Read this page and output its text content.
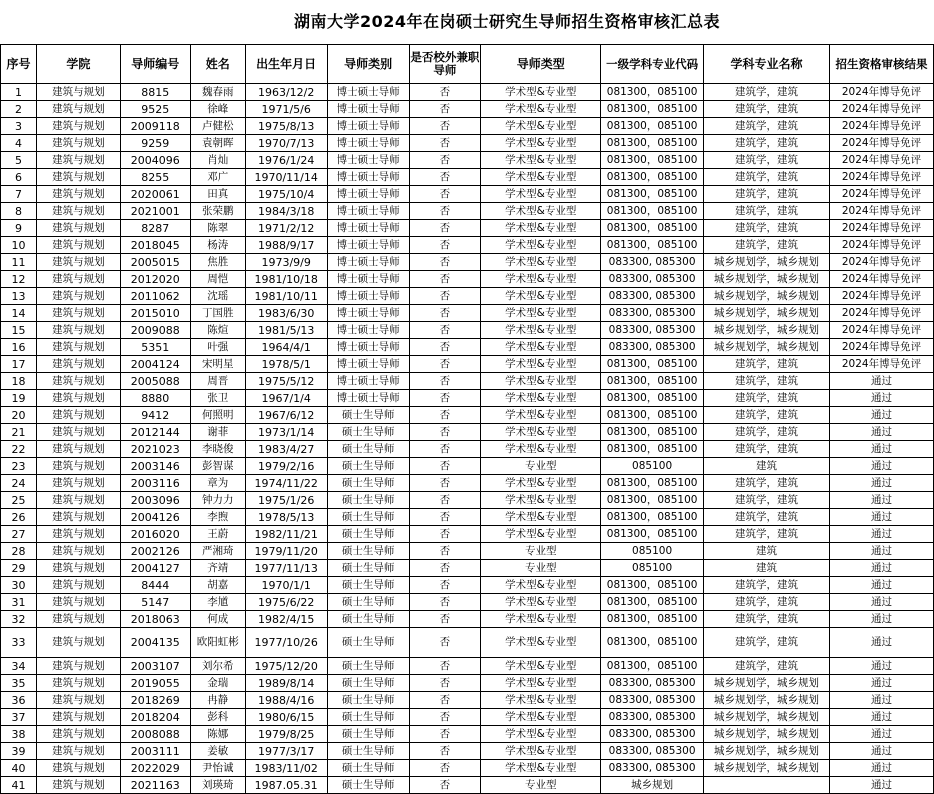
湖南大学2024年在岗硕士研究生导师招生资格审核汇总表
序号	学院	导师编号	姓名	出生年月日	导师类别	是否校外兼职导师	导师类型	一级学科专业代码	学科专业名称	招生资格审核结果
1	建筑与规划	8815	魏春雨	1963/12/2	博士硕士导师	否	学术型&专业型	081300，085100	建筑学，建筑	2024年博导免评
2	建筑与规划	9525	徐峰	1971/5/6	博士硕士导师	否	学术型&专业型	081300，085100	建筑学，建筑	2024年博导免评
3	建筑与规划	2009118	卢健松	1975/8/13	博士硕士导师	否	学术型&专业型	081300，085100	建筑学，建筑	2024年博导免评
4	建筑与规划	9259	袁朝晖	1970/7/13	博士硕士导师	否	学术型&专业型	081300，085100	建筑学，建筑	2024年博导免评
5	建筑与规划	2004096	肖灿	1976/1/24	博士硕士导师	否	学术型&专业型	081300，085100	建筑学，建筑	2024年博导免评
6	建筑与规划	8255	邓广	1970/11/14	博士硕士导师	否	学术型&专业型	081300，085100	建筑学，建筑	2024年博导免评
7	建筑与规划	2020061	田真	1975/10/4	博士硕士导师	否	学术型&专业型	081300，085100	建筑学，建筑	2024年博导免评
8	建筑与规划	2021001	张荣鹏	1984/3/18	博士硕士导师	否	学术型&专业型	081300，085100	建筑学，建筑	2024年博导免评
9	建筑与规划	8287	陈翠	1971/2/12	博士硕士导师	否	学术型&专业型	081300，085100	建筑学，建筑	2024年博导免评
10	建筑与规划	2018045	杨涛	1988/9/17	博士硕士导师	否	学术型&专业型	081300，085100	建筑学，建筑	2024年博导免评
11	建筑与规划	2005015	焦胜	1973/9/9	博士硕士导师	否	学术型&专业型	083300, 085300	城乡规划学，城乡规划	2024年博导免评
12	建筑与规划	2012020	周恺	1981/10/18	博士硕士导师	否	学术型&专业型	083300, 085300	城乡规划学，城乡规划	2024年博导免评
13	建筑与规划	2011062	沈瑶	1981/10/11	博士硕士导师	否	学术型&专业型	083300, 085300	城乡规划学，城乡规划	2024年博导免评
14	建筑与规划	2015010	丁国胜	1983/6/30	博士硕士导师	否	学术型&专业型	083300, 085300	城乡规划学，城乡规划	2024年博导免评
15	建筑与规划	2009088	陈煊	1981/5/13	博士硕士导师	否	学术型&专业型	083300, 085300	城乡规划学，城乡规划	2024年博导免评
16	建筑与规划	5351	叶强	1964/4/1	博士硕士导师	否	学术型&专业型	083300, 085300	城乡规划学，城乡规划	2024年博导免评
17	建筑与规划	2004124	宋明星	1978/5/1	博士硕士导师	否	学术型&专业型	081300，085100	建筑学，建筑	2024年博导免评
18	建筑与规划	2005088	周晋	1975/5/12	博士硕士导师	否	学术型&专业型	081300，085100	建筑学，建筑	通过
19	建筑与规划	8880	张卫	1967/1/4	博士硕士导师	否	学术型&专业型	081300，085100	建筑学，建筑	通过
20	建筑与规划	9412	何照明	1967/6/12	硕士生导师	否	学术型&专业型	081300，085100	建筑学，建筑	通过
21	建筑与规划	2012144	谢菲	1973/1/14	硕士生导师	否	学术型&专业型	081300，085100	建筑学，建筑	通过
22	建筑与规划	2021023	李晓俊	1983/4/27	硕士生导师	否	学术型&专业型	081300，085100	建筑学，建筑	通过
23	建筑与规划	2003146	彭智谋	1979/2/16	硕士生导师	否	专业型	085100	建筑	通过
24	建筑与规划	2003116	章为	1974/11/22	硕士生导师	否	学术型&专业型	081300，085100	建筑学，建筑	通过
25	建筑与规划	2003096	钟力力	1975/1/26	硕士生导师	否	学术型&专业型	081300，085100	建筑学，建筑	通过
26	建筑与规划	2004126	李煦	1978/5/13	硕士生导师	否	学术型&专业型	081300，085100	建筑学，建筑	通过
27	建筑与规划	2016020	王蔚	1982/11/21	硕士生导师	否	学术型&专业型	081300，085100	建筑学，建筑	通过
28	建筑与规划	2002126	严湘琦	1979/11/20	硕士生导师	否	专业型	085100	建筑	通过
29	建筑与规划	2004127	齐靖	1977/11/13	硕士生导师	否	专业型	085100	建筑	通过
30	建筑与规划	8444	胡嘉	1970/1/1	硕士生导师	否	学术型&专业型	081300，085100	建筑学，建筑	通过
31	建筑与规划	5147	李馗	1975/6/22	硕士生导师	否	学术型&专业型	081300，085100	建筑学，建筑	通过
32	建筑与规划	2018063	何成	1982/4/15	硕士生导师	否	学术型&专业型	081300，085100	建筑学，建筑	通过
33	建筑与规划	2004135	欧阳虹彬	1977/10/26	硕士生导师	否	学术型&专业型	081300，085100	建筑学，建筑	通过
34	建筑与规划	2003107	刘尔希	1975/12/20	硕士生导师	否	学术型&专业型	081300，085100	建筑学，建筑	通过
35	建筑与规划	2019055	金瑞	1989/8/14	硕士生导师	否	学术型&专业型	083300, 085300	城乡规划学，城乡规划	通过
36	建筑与规划	2018269	冉静	1988/4/16	硕士生导师	否	学术型&专业型	083300, 085300	城乡规划学，城乡规划	通过
37	建筑与规划	2018204	彭科	1980/6/15	硕士生导师	否	学术型&专业型	083300, 085300	城乡规划学，城乡规划	通过
38	建筑与规划	2008088	陈娜	1979/8/25	硕士生导师	否	学术型&专业型	083300, 085300	城乡规划学，城乡规划	通过
39	建筑与规划	2003111	姜敏	1977/3/17	硕士生导师	否	学术型&专业型	083300, 085300	城乡规划学，城乡规划	通过
40	建筑与规划	2022029	尹怡诚	1983/11/02	硕士生导师	否	学术型&专业型	083300, 085300	城乡规划学，城乡规划	通过
41	建筑与规划	2021163	刘瑛琦	1987.05.31	硕士生导师	否	专业型	城乡规划		通过
